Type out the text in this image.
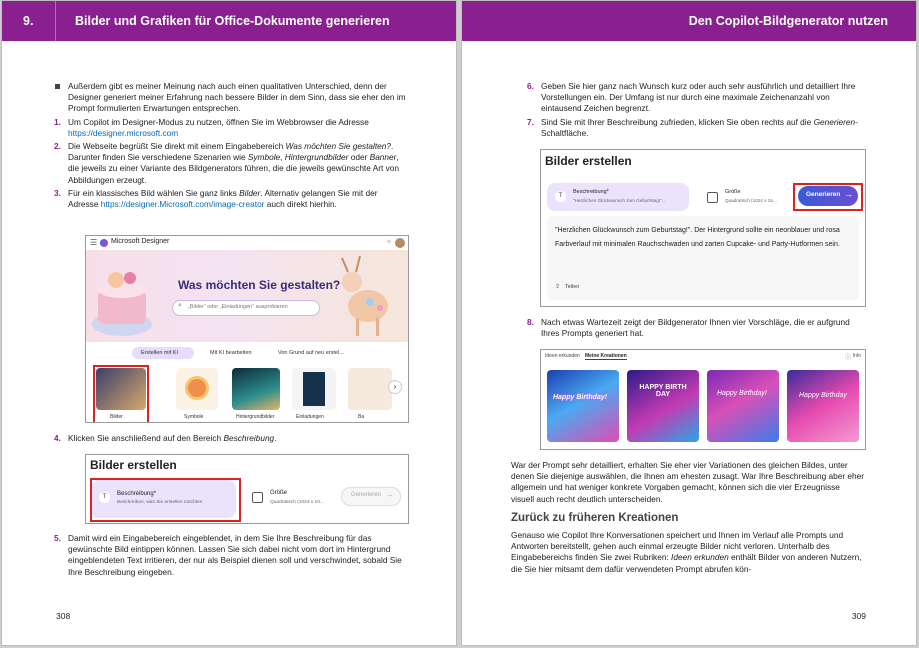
9.	Bilder und Grafiken für Office-Dokumente generieren
Außerdem gibt es meiner Meinung nach auch einen qualitativen Unterschied, denn der Designer generiert meiner Erfahrung nach bessere Bilder in dem Sinn, dass sie eher den im Prompt formulierten Erwartungen entsprechen.
1. Um Copilot im Designer-Modus zu nutzen, öffnen Sie im Webbrowser die Adresse https://designer.microsoft.com
2. Die Webseite begrüßt Sie direkt mit einem Eingabebereich Was möchten Sie gestalten?. Darunter finden Sie verschiedene Szenarien wie Symbole, Hintergrundbilder oder Banner, die jeweils zu einer Variante des Bildgenerators führen, die die jeweils gewünschte Art von Abbildungen erzeugt.
3. Für ein klassisches Bild wählen Sie ganz links Bilder. Alternativ gelangen Sie mit der Adresse https://designer.Microsoft.com/image-creator auch direkt hierhin.
☰ Microsoft Designer	✧
Was möchten Sie gestalten?
⌕ „Bilder“ oder „Einladungen“ ausprobieren
Erstellen mit KI	Mit KI bearbeiten	Von Grund auf neu erstel…
›
Bilder	Symbole	Hintergrundbilder	Einladungen	Ba
4. Klicken Sie anschließend auf den Bereich Beschreibung.
Bilder erstellen
T	Beschreibung*
Beschreiben, was Sie erstellen möchten
Größe
Quadratisch (1024 x 10…
Generieren →
5. Damit wird ein Eingabebereich eingeblendet, in dem Sie Ihre Beschreibung für das gewünschte Bild eintippen können. Lassen Sie sich dabei nicht vom dort im Hintergrund eingeblendeten Text irritieren, der nur als Beispiel dienen soll und verschwindet, sobald Sie Ihre Beschreibung eingeben.
308
Den Copilot-Bildgenerator nutzen
6. Geben Sie hier ganz nach Wunsch kurz oder auch sehr ausführlich und detailliert Ihre Vorstellungen ein. Der Umfang ist nur durch eine maximale Zeichenanzahl von eintausend Zeichen begrenzt.
7. Sind Sie mit Ihrer Beschreibung zufrieden, klicken Sie oben rechts auf die Generieren-Schaltfläche.
Bilder erstellen
T
Beschreibung*
"Herzlichen Glückwunsch zum Geburtstag!"…
Größe
Quadratisch (1024 x 15…
Generieren →
"Herzlichen Glückwunsch zum Geburtstag!". Der Hintergrund sollte ein neonblauer und rosa Farbverlauf mit minimalen Rauchschwaden und zarten Cupcake- und Party-Hutformen sein.
⇪ Teilen
8. Nach etwas Wartezeit zeigt der Bildgenerator Ihnen vier Vorschläge, die er aufgrund Ihres Prompts generiert hat.
Ideen erkunden Meine Kreationen	ⓘ Info
Happy Birthday!
HAPPY BIRTH DAY	Happy Birthday!	Happy Birthday

War der Prompt sehr detailliert, erhalten Sie eher vier Variationen des gleichen Bildes, unter denen Sie diejenige auswählen, die Ihnen am ehesten zusagt. War Ihre Beschreibung aber eher allgemein und hat weniger konkrete Vorgaben gemacht, können sich die vier Erzeugnisse visuell auch recht deutlich unterscheiden.

Zurück zu früheren Kreationen

Genauso wie Copilot Ihre Konversationen speichert und Ihnen im Verlauf alle Prompts und Antworten bereitstellt, gehen auch einmal erzeugte Bilder nicht verloren. Unterhalb des Eingabebereichs finden Sie zwei Rubriken: Ideen erkunden enthält Bilder von anderen Nutzern, die Sie hier mitsamt dem dafür verwendeten Prompt abrufen kön-

309
